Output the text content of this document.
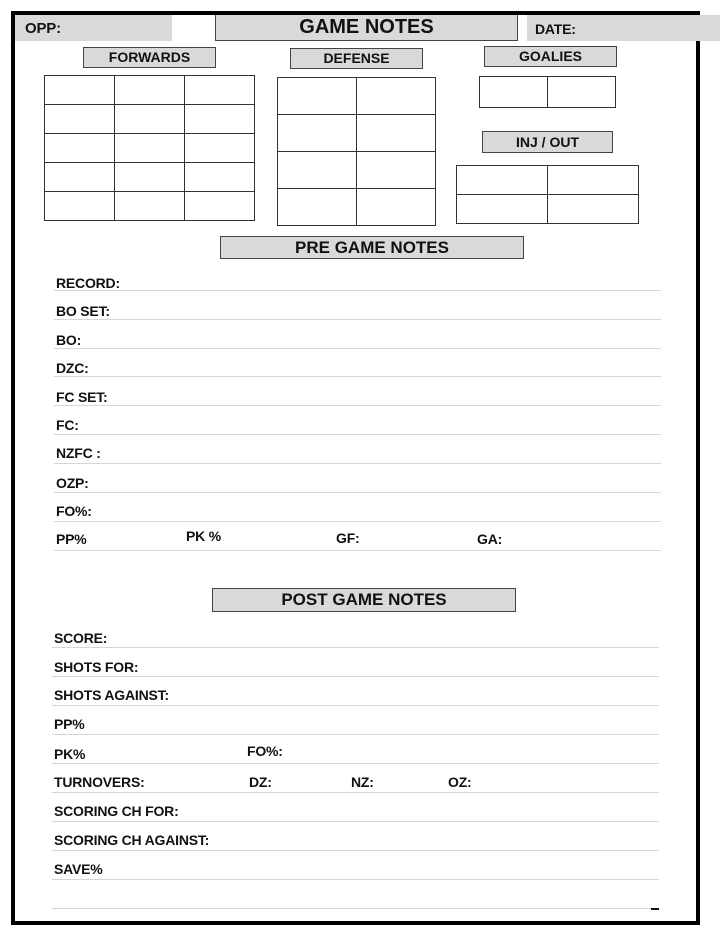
OPP:	GAME NOTES	DATE:
FORWARDS	DEFENSE	GOALIES
INJ / OUT

PRE GAME NOTES
RECORD:
BO SET:
BO:
DZC:
FC SET:
FC:
NZFC :
OZP:
FO%:
PP%	PK %	GF:	GA:
POST GAME NOTES
SCORE:
SHOTS FOR:
SHOTS AGAINST:
PP%
PK%	FO%:
TURNOVERS:	DZ:	NZ:	OZ:
SCORING CH FOR:
SCORING CH AGAINST:
SAVE%
